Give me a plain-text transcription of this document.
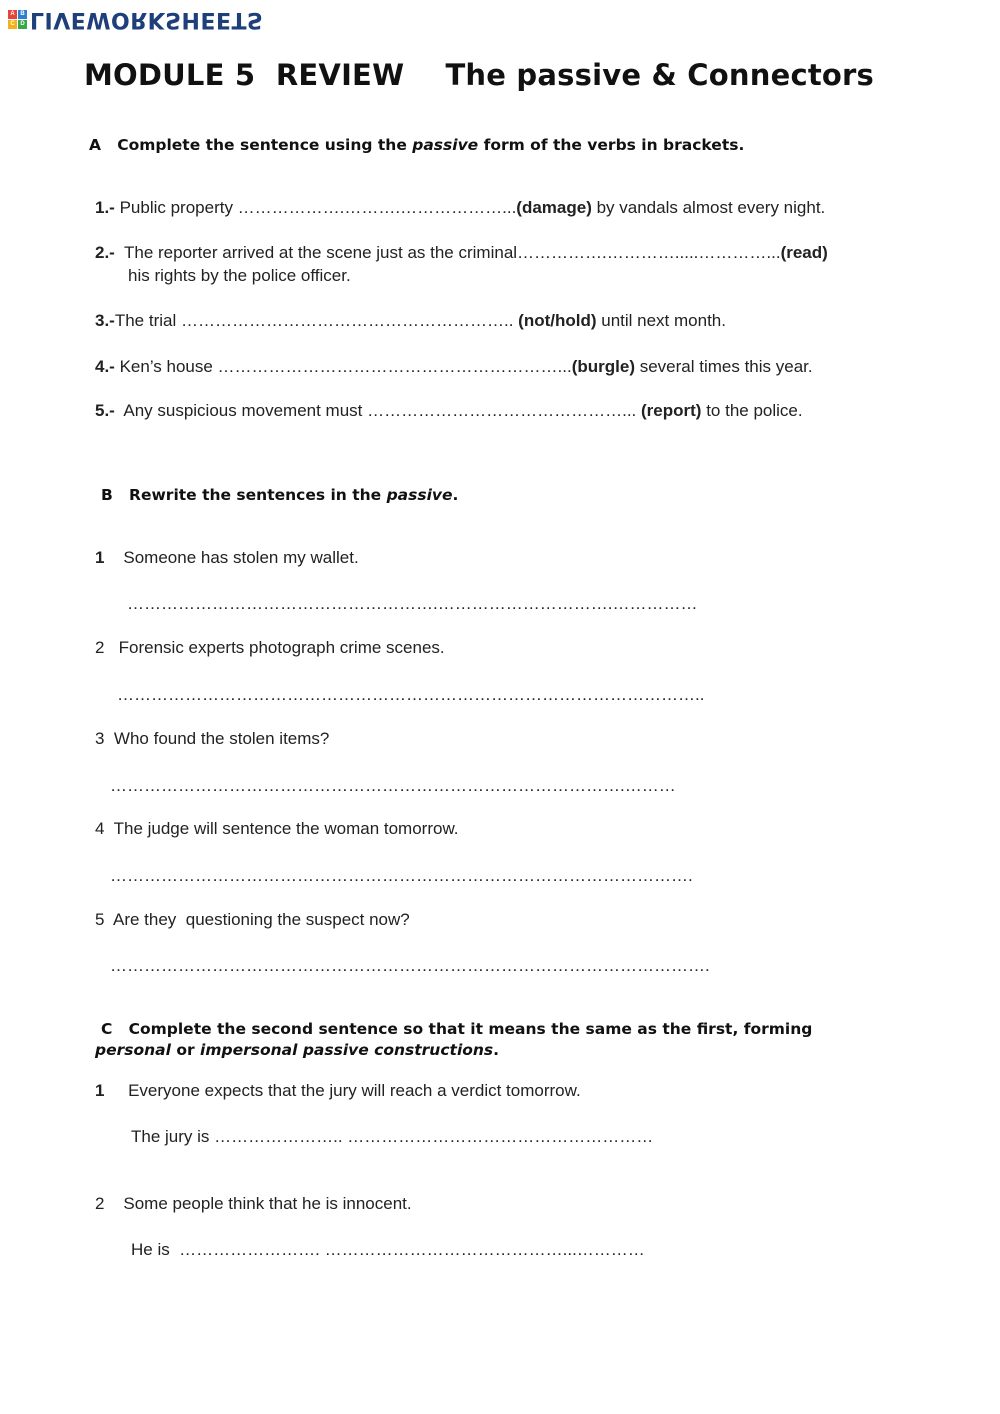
A B
C D LIVEWORKSHEETS
MODULE 5  REVIEW    The passive & Connectors
A Complete the sentence using the passive form of the verbs in brackets.
1.- Public property ……………….……….………………...(damage) by vandals almost every night.
2.-  The reporter arrived at the scene just as the criminal…………….………….....…………...(read)
his rights by the police officer.
3.-The trial ………………………………………………….. (not/hold) until next month.
4.- Ken’s house ……………………………………………………...(burgle) several times this year.
5.-  Any suspicious movement must ………………………………………... (report) to the police.
B Rewrite the sentences in the passive.
1 Someone has stolen my wallet.
……………………………………………….………………………….……………
2 Forensic experts photograph crime scenes.
…………………………………………………………………………………………..
3 Who found the stolen items?
……………………………………………………………………………….………
4 The judge will sentence the woman tomorrow.
………………………………………………………………………………………….
5 Are they  questioning the suspect now?
…………………………………………………………………………………………….
C Complete the second sentence so that it means the same as the first, forming
personal or impersonal passive constructions.
1 Everyone expects that the jury will reach a verdict tomorrow.
The jury is ………………….. ………………………………………………
2 Some people think that he is innocent.
He is  ……………………. ……………………………………...…………
